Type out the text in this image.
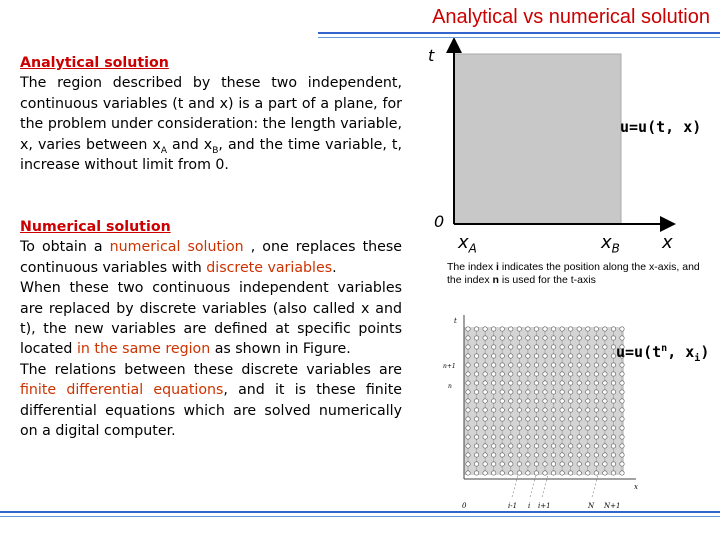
Analytical vs numerical solution
Analytical solution

The region described by these two independent, continuous variables (t and x) is a part of a plane, for the problem under consideration: the length variable, x, varies between $x_A$ and $x_B$, and the time variable, t, increase without limit from 0.

Numerical solution

To obtain a numerical solution , one replaces these continuous variables with discrete variables.

When these two continuous independent variables are replaced by discrete variables (also called x and t), the new variables are defined at specific points located in the same region as shown in Figure.

The relations between these discrete variables are finite differential equations, and it is these finite differential equations which are solved numerically on a digital computer.

t
0
$x_A$	$x_B$ x
u=u(t, x)
The index i indicates the position along the x-axis, and the index n is used for the t-axis
t
n+1
n
x
0	i-1 i i+1	N N+1
$u=u(t^n$, $x_i$)
